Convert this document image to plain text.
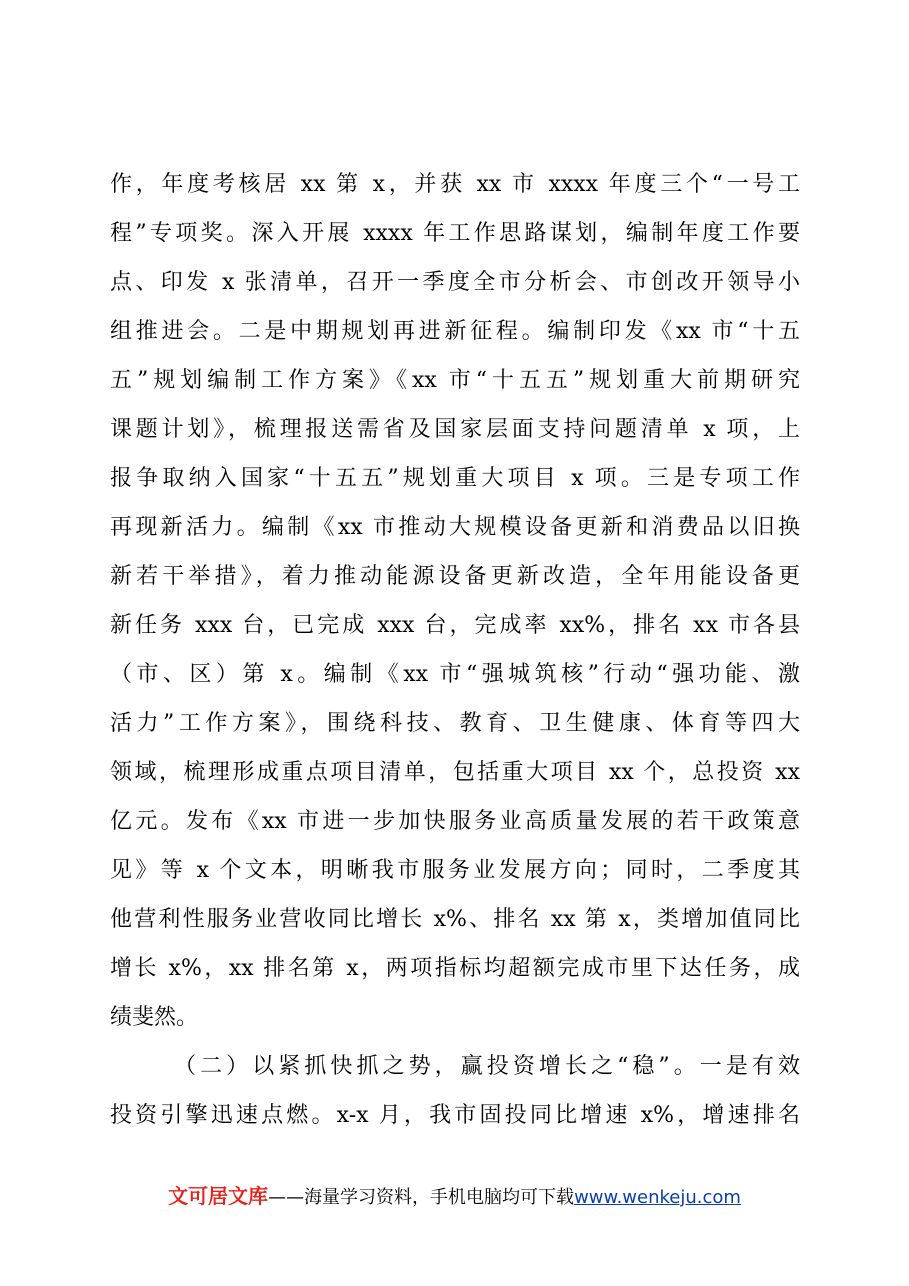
作，年度考核居 xx 第 x，并获 xx 市 xxxx 年度三个“一号工
程”专项奖。深入开展 xxxx 年工作思路谋划，编制年度工作要
点、印发 x 张清单，召开一季度全市分析会、市创改开领导小
组推进会。二是中期规划再进新征程。编制印发《xx 市“十五
五”规划编制工作方案》《xx 市“十五五”规划重大前期研究
课题计划》，梳理报送需省及国家层面支持问题清单 x 项，上
报争取纳入国家“十五五”规划重大项目 x 项。三是专项工作
再现新活力。编制《xx 市推动大规模设备更新和消费品以旧换
新若干举措》，着力推动能源设备更新改造，全年用能设备更
新任务 xxx 台，已完成 xxx 台，完成率 xx%，排名 xx 市各县
（市、区）第 x。编制《xx 市“强城筑核”行动“强功能、激
活力”工作方案》，围绕科技、教育、卫生健康、体育等四大
领域，梳理形成重点项目清单，包括重大项目 xx 个，总投资 xx
亿元。发布《xx 市进一步加快服务业高质量发展的若干政策意
见》等 x 个文本，明晰我市服务业发展方向；同时，二季度其
他营利性服务业营收同比增长 x%、排名 xx 第 x，类增加值同比
增长 x%，xx 排名第 x，两项指标均超额完成市里下达任务，成
绩斐然。
（二）以紧抓快抓之势，赢投资增长之“稳”。一是有效
投资引擎迅速点燃。x-x 月，我市固投同比增速 x%，增速排名
文可居文库——海量学习资料，手机电脑均可下载www.wenkeju.com
